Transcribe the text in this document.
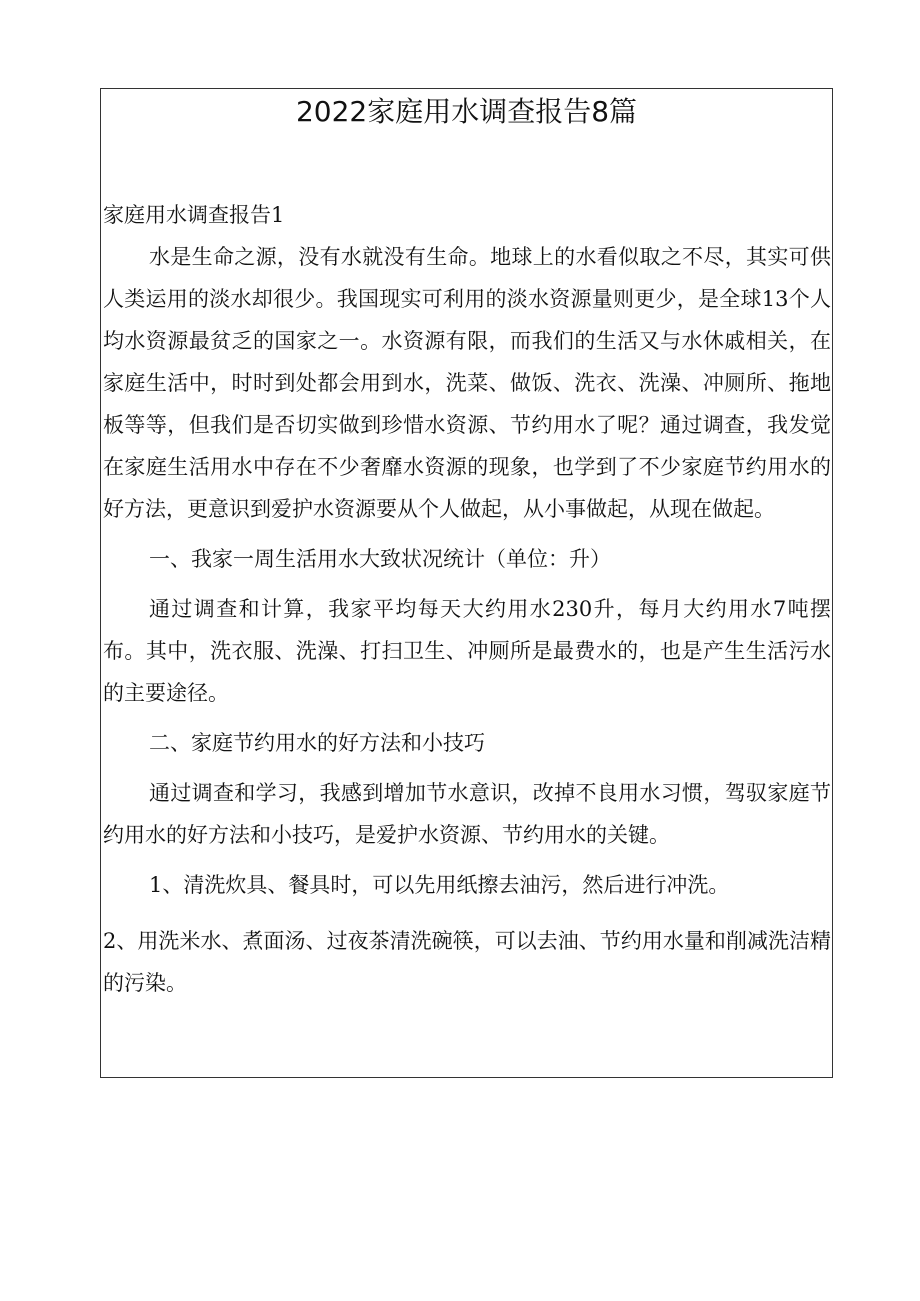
2022家庭用水调查报告8篇

家庭用水调查报告1

水是生命之源，没有水就没有生命。地球上的水看似取之不尽，其实可供人类运用的淡水却很少。我国现实可利用的淡水资源量则更少，是全球13个人均水资源最贫乏的国家之一。水资源有限，而我们的生活又与水休戚相关，在家庭生活中，时时到处都会用到水，洗菜、做饭、洗衣、洗澡、冲厕所、拖地板等等，但我们是否切实做到珍惜水资源、节约用水了呢？通过调查，我发觉在家庭生活用水中存在不少奢靡水资源的现象，也学到了不少家庭节约用水的好方法，更意识到爱护水资源要从个人做起，从小事做起，从现在做起。

一、我家一周生活用水大致状况统计（单位：升）

通过调查和计算，我家平均每天大约用水230升，每月大约用水7吨摆布。其中，洗衣服、洗澡、打扫卫生、冲厕所是最费水的，也是产生生活污水的主要途径。

二、家庭节约用水的好方法和小技巧

通过调查和学习，我感到增加节水意识，改掉不良用水习惯，驾驭家庭节约用水的好方法和小技巧，是爱护水资源、节约用水的关键。

1、清洗炊具、餐具时，可以先用纸擦去油污，然后进行冲洗。

2、用洗米水、煮面汤、过夜茶清洗碗筷，可以去油、节约用水量和削减洗洁精的污染。
